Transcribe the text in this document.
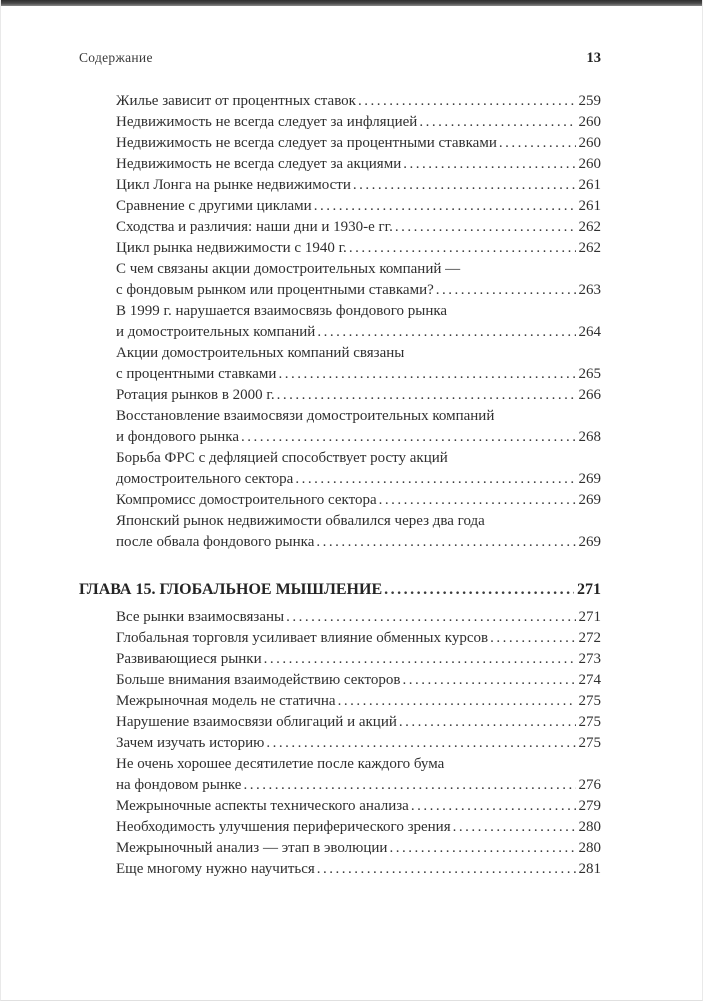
Содержание	13
Жилье зависит от процентных ставок .....	259
Недвижимость не всегда следует за инфляцией .....	260
Недвижимость не всегда следует за процентными ставками .....	260
Недвижимость не всегда следует за акциями .....	260
Цикл Лонга на рынке недвижимости .....	261
Сравнение с другими циклами .....	261
Сходства и различия: наши дни и 1930-е гг. .....	262
Цикл рынка недвижимости с 1940 г. .....	262
С чем связаны акции домостроительных компаний —
с фондовым рынком или процентными ставками? .....	263
В 1999 г. нарушается взаимосвязь фондового рынка
и домостроительных компаний .....	264
Акции домостроительных компаний связаны
с процентными ставками .....	265
Ротация рынков в 2000 г. .....	266
Восстановление взаимосвязи домостроительных компаний
и фондового рынка .....	268
Борьба ФРС с дефляцией способствует росту акций
домостроительного сектора .....	269
Компромисс домостроительного сектора .....	269
Японский рынок недвижимости обвалился через два года
после обвала фондового рынка .....	269
ГЛАВА 15. ГЛОБАЛЬНОЕ МЫШЛЕНИЕ .....	271
Все рынки взаимосвязаны .....	271
Глобальная торговля усиливает влияние обменных курсов .....	272
Развивающиеся рынки .....	273
Больше внимания взаимодействию секторов .....	274
Межрыночная модель не статична .....	275
Нарушение взаимосвязи облигаций и акций .....	275
Зачем изучать историю .....	275
Не очень хорошее десятилетие после каждого бума
на фондовом рынке .....	276
Межрыночные аспекты технического анализа .....	279
Необходимость улучшения периферического зрения .....	280
Межрыночный анализ — этап в эволюции .....	280
Еще многому нужно научиться .....	281
